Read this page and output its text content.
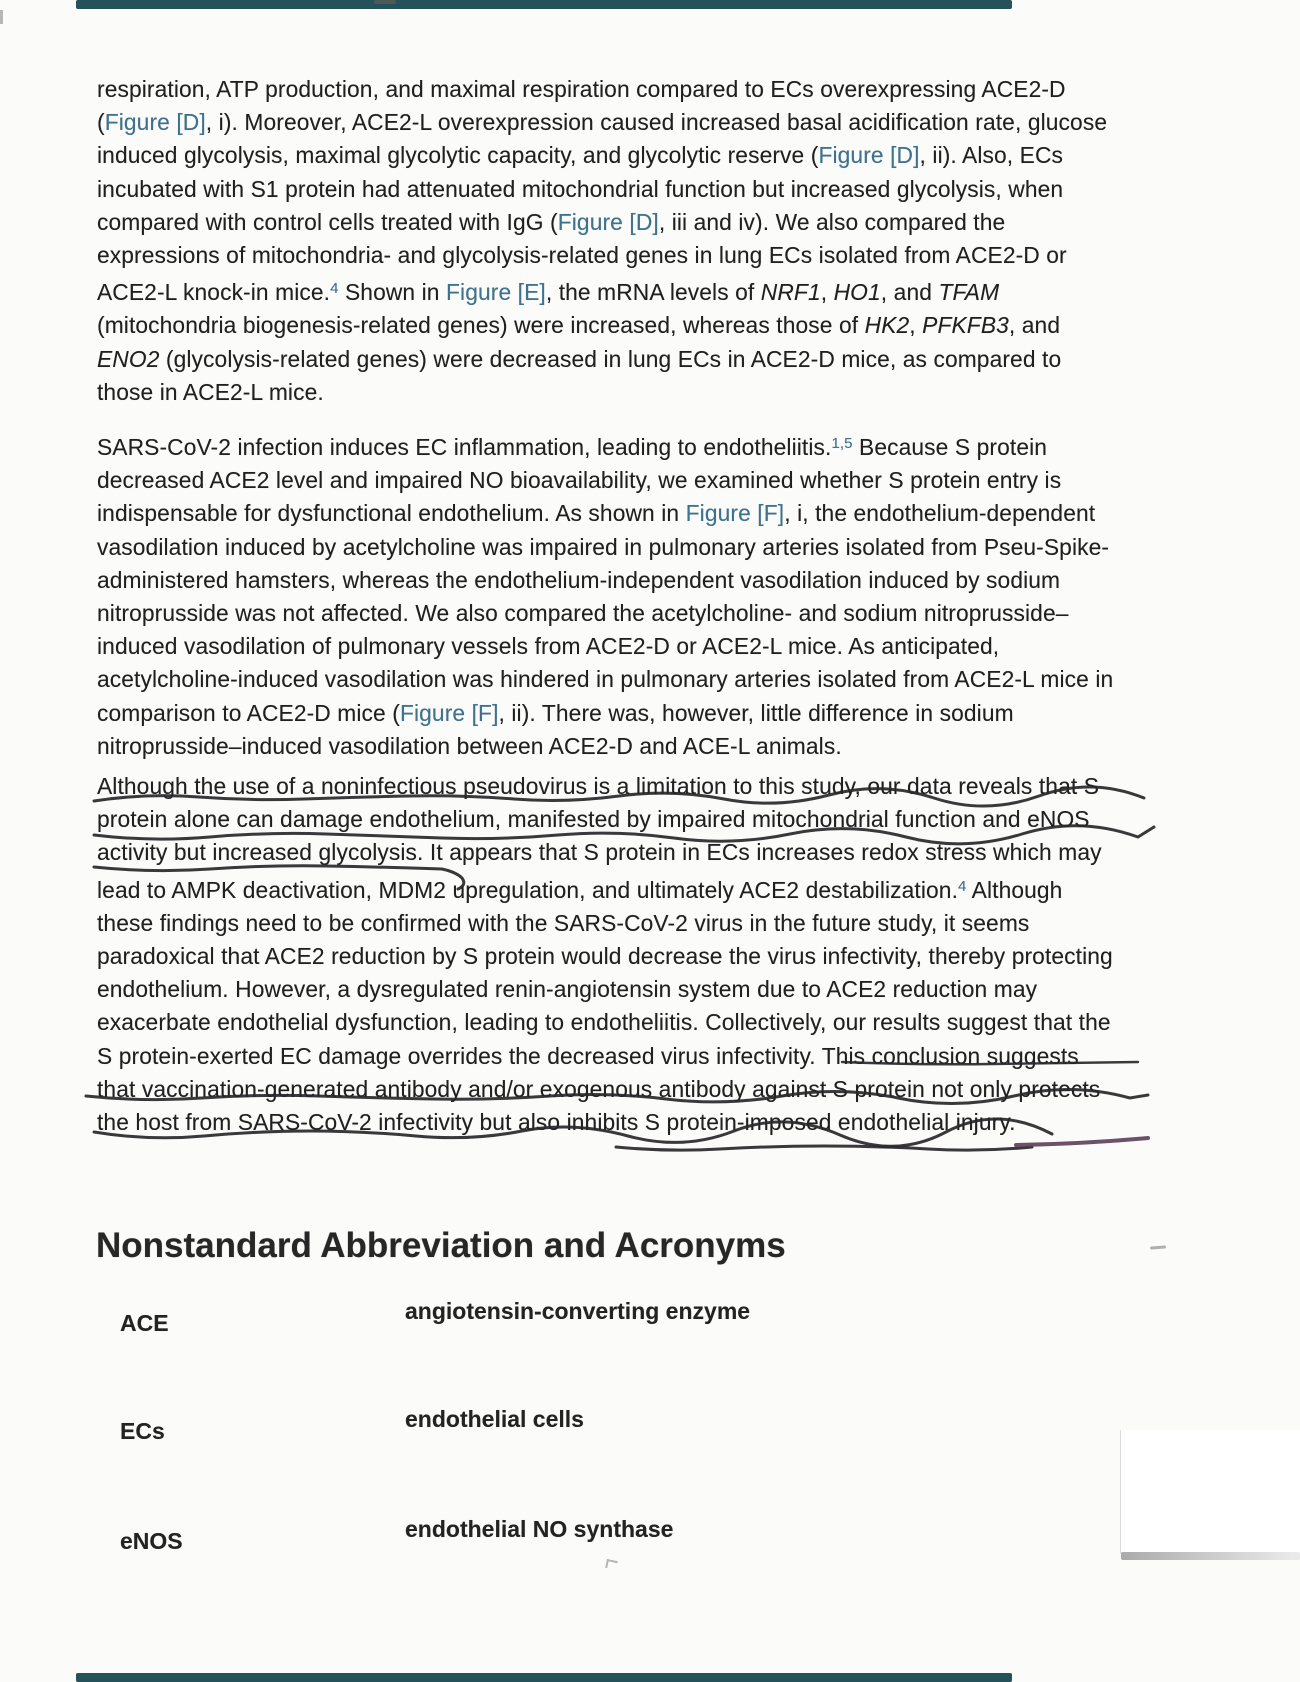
respiration, ATP production, and maximal respiration compared to ECs overexpressing ACE2-D
(Figure [D], i). Moreover, ACE2-L overexpression caused increased basal acidification rate, glucose
induced glycolysis, maximal glycolytic capacity, and glycolytic reserve (Figure [D], ii). Also, ECs
incubated with S1 protein had attenuated mitochondrial function but increased glycolysis, when
compared with control cells treated with IgG (Figure [D], iii and iv). We also compared the
expressions of mitochondria- and glycolysis-related genes in lung ECs isolated from ACE2-D or
ACE2-L knock-in mice.$^4$ Shown in Figure [E], the mRNA levels of NRF1, HO1, and TFAM
(mitochondria biogenesis-related genes) were increased, whereas those of HK2, PFKFB3, and
ENO2 (glycolysis-related genes) were decreased in lung ECs in ACE2-D mice, as compared to
those in ACE2-L mice.
SARS-CoV-2 infection induces EC inflammation, leading to endotheliitis.$^{1,5}$ Because S protein
decreased ACE2 level and impaired NO bioavailability, we examined whether S protein entry is
indispensable for dysfunctional endothelium. As shown in Figure [F], i, the endothelium-dependent
vasodilation induced by acetylcholine was impaired in pulmonary arteries isolated from Pseu-Spike-
administered hamsters, whereas the endothelium-independent vasodilation induced by sodium
nitroprusside was not affected. We also compared the acetylcholine- and sodium nitroprusside–
induced vasodilation of pulmonary vessels from ACE2-D or ACE2-L mice. As anticipated,
acetylcholine-induced vasodilation was hindered in pulmonary arteries isolated from ACE2-L mice in
comparison to ACE2-D mice (Figure [F], ii). There was, however, little difference in sodium
nitroprusside–induced vasodilation between ACE2-D and ACE-L animals.
Although the use of a noninfectious pseudovirus is a limitation to this study, our data reveals that S
protein alone can damage endothelium, manifested by impaired mitochondrial function and eNOS
activity but increased glycolysis. It appears that S protein in ECs increases redox stress which may
lead to AMPK deactivation, MDM2 upregulation, and ultimately ACE2 destabilization.$^4$ Although
these findings need to be confirmed with the SARS-CoV-2 virus in the future study, it seems
paradoxical that ACE2 reduction by S protein would decrease the virus infectivity, thereby protecting
endothelium. However, a dysregulated renin-angiotensin system due to ACE2 reduction may
exacerbate endothelial dysfunction, leading to endotheliitis. Collectively, our results suggest that the
S protein-exerted EC damage overrides the decreased virus infectivity. This conclusion suggests
that vaccination-generated antibody and/or exogenous antibody against S protein not only protects
the host from SARS-CoV-2 infectivity but also inhibits S protein-imposed endothelial injury.
Nonstandard Abbreviation and Acronyms
ACE	angiotensin-converting enzyme
ECs	endothelial cells
eNOS	endothelial NO synthase
